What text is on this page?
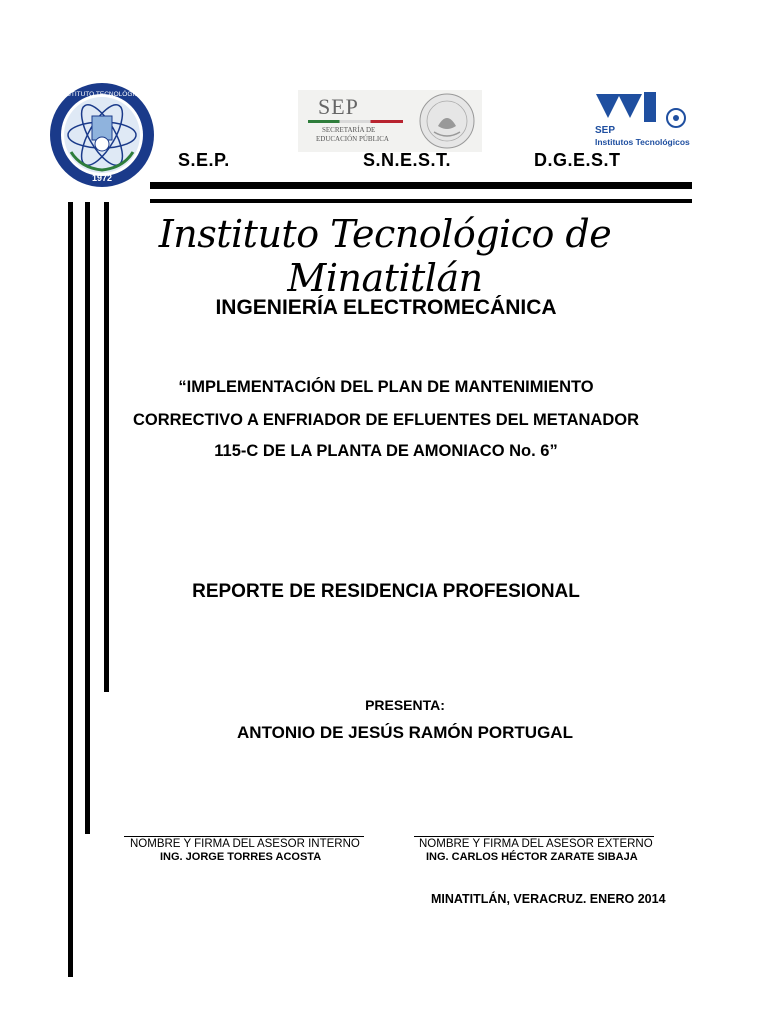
INSTITUTO TECNOLÓGICO
1972
SEP
SECRETARÍA DE
EDUCACIÓN PÚBLICA
SEP
Institutos Tecnológicos
S.E.P.	S.N.E.S.T.	D.G.E.S.T
Instituto Tecnológico de Minatitlán
INGENIERÍA ELECTROMECÁNICA
“IMPLEMENTACIÓN DEL PLAN DE MANTENIMIENTO
CORRECTIVO A ENFRIADOR DE EFLUENTES DEL METANADOR
115-C DE LA PLANTA DE AMONIACO No. 6”
REPORTE DE RESIDENCIA PROFESIONAL
PRESENTA:
ANTONIO DE JESÚS RAMÓN PORTUGAL
NOMBRE Y FIRMA DEL ASESOR INTERNO
ING. JORGE TORRES ACOSTA
NOMBRE Y FIRMA DEL ASESOR EXTERNO
ING. CARLOS HÉCTOR ZARATE SIBAJA
MINATITLÁN, VERACRUZ. ENERO 2014
